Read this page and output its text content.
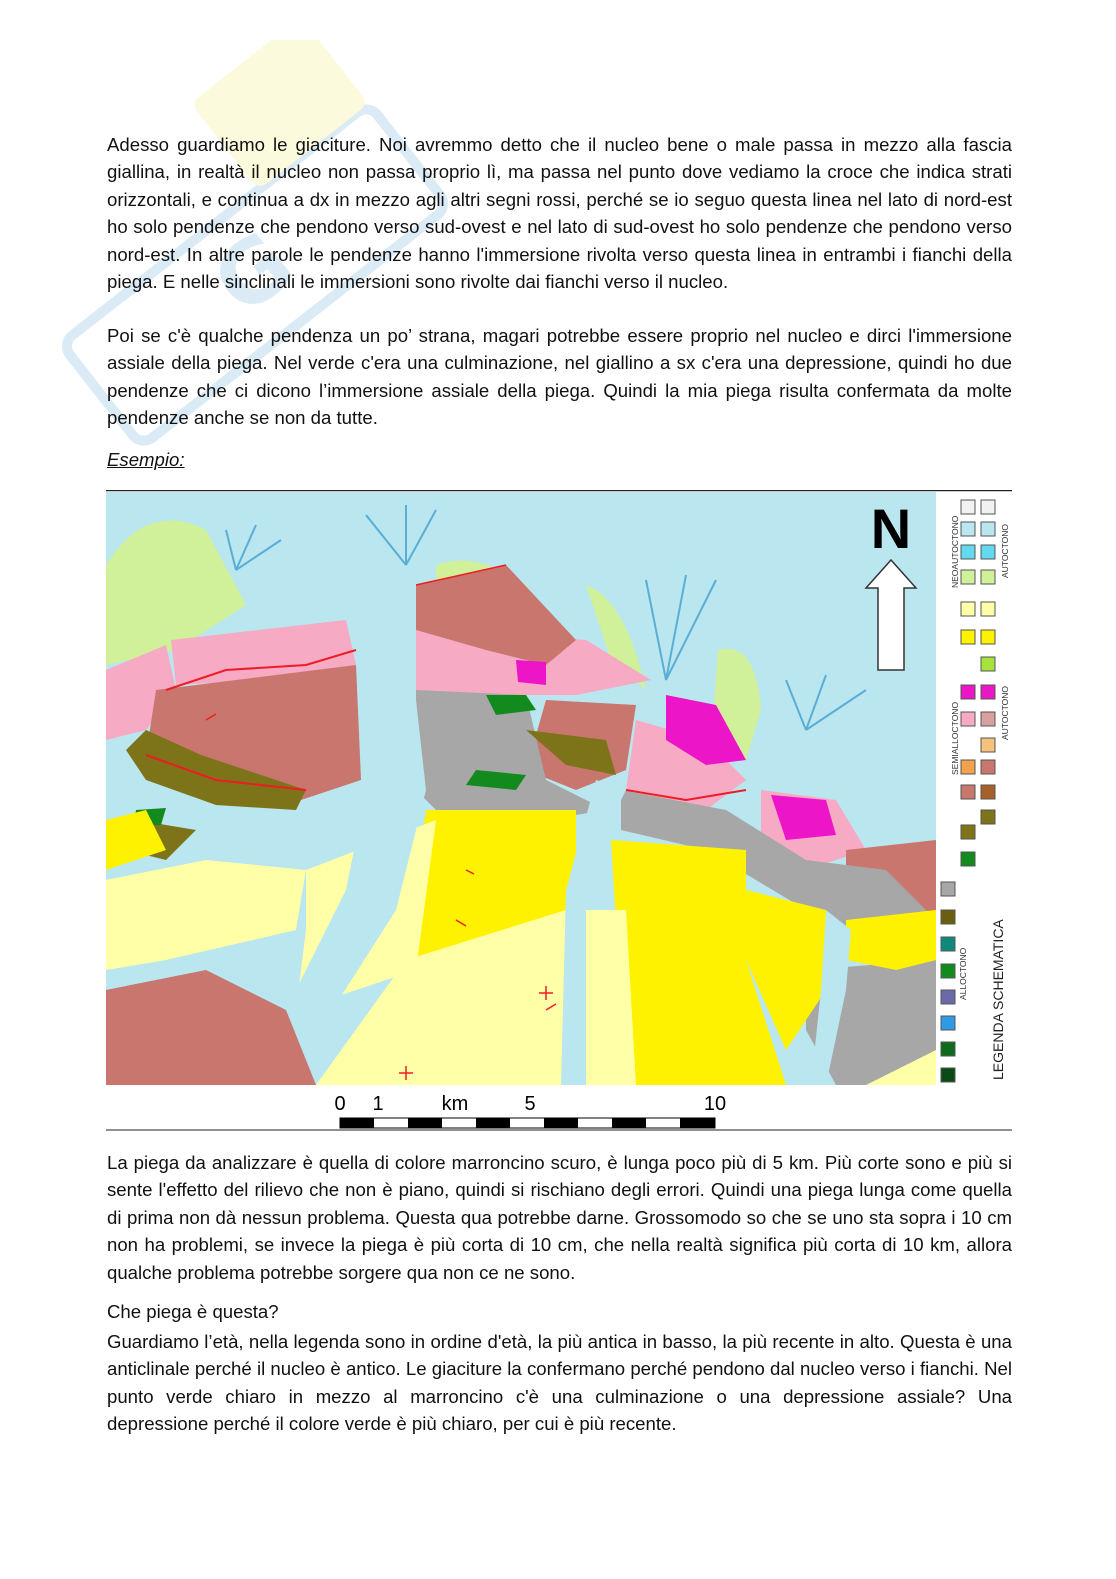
G

Adesso guardiamo le giaciture. Noi avremmo detto che il nucleo bene o male passa in mezzo alla fascia giallina, in realtà il nucleo non passa proprio lì, ma passa nel punto dove vediamo la croce che indica strati orizzontali, e continua a dx in mezzo agli altri segni rossi, perché se io seguo questa linea nel lato di nord-est ho solo pendenze che pendono verso sud-ovest e nel lato di sud-ovest ho solo pendenze che pendono verso nord-est. In altre parole le pendenze hanno l'immersione rivolta verso questa linea in entrambi i fianchi della piega. E nelle sinclinali le immersioni sono rivolte dai fianchi verso il nucleo.

Poi se c'è qualche pendenza un po’ strana, magari potrebbe essere proprio nel nucleo e dirci l'immersione assiale della piega. Nel verde c'era una culminazione, nel giallino a sx c'era una depressione, quindi ho due pendenze che ci dicono l’immersione assiale della piega. Quindi la mia piega risulta confermata da molte pendenze anche se non da tutte.

Esempio:
N	NEOAUTOCTONO	AUTOCTONO
SEMIALLOCTONO	AUTOCTONO
ALLOCTONO LEGENDA SCHEMATICA
0 1	km	5	10

La piega da analizzare è quella di colore marroncino scuro, è lunga poco più di 5 km. Più corte sono e più si sente l'effetto del rilievo che non è piano, quindi si rischiano degli errori. Quindi una piega lunga come quella di prima non dà nessun problema. Questa qua potrebbe darne. Grossomodo so che se uno sta sopra i 10 cm non ha problemi, se invece la piega è più corta di 10 cm, che nella realtà significa più corta di 10 km, allora qualche problema potrebbe sorgere qua non ce ne sono.

Che piega è questa?

Guardiamo l’età, nella legenda sono in ordine d'età, la più antica in basso, la più recente in alto. Questa è una anticlinale perché il nucleo è antico. Le giaciture la confermano perché pendono dal nucleo verso i fianchi. Nel punto verde chiaro in mezzo al marroncino c'è una culminazione o una depressione assiale? Una depressione perché il colore verde è più chiaro, per cui è più recente.
